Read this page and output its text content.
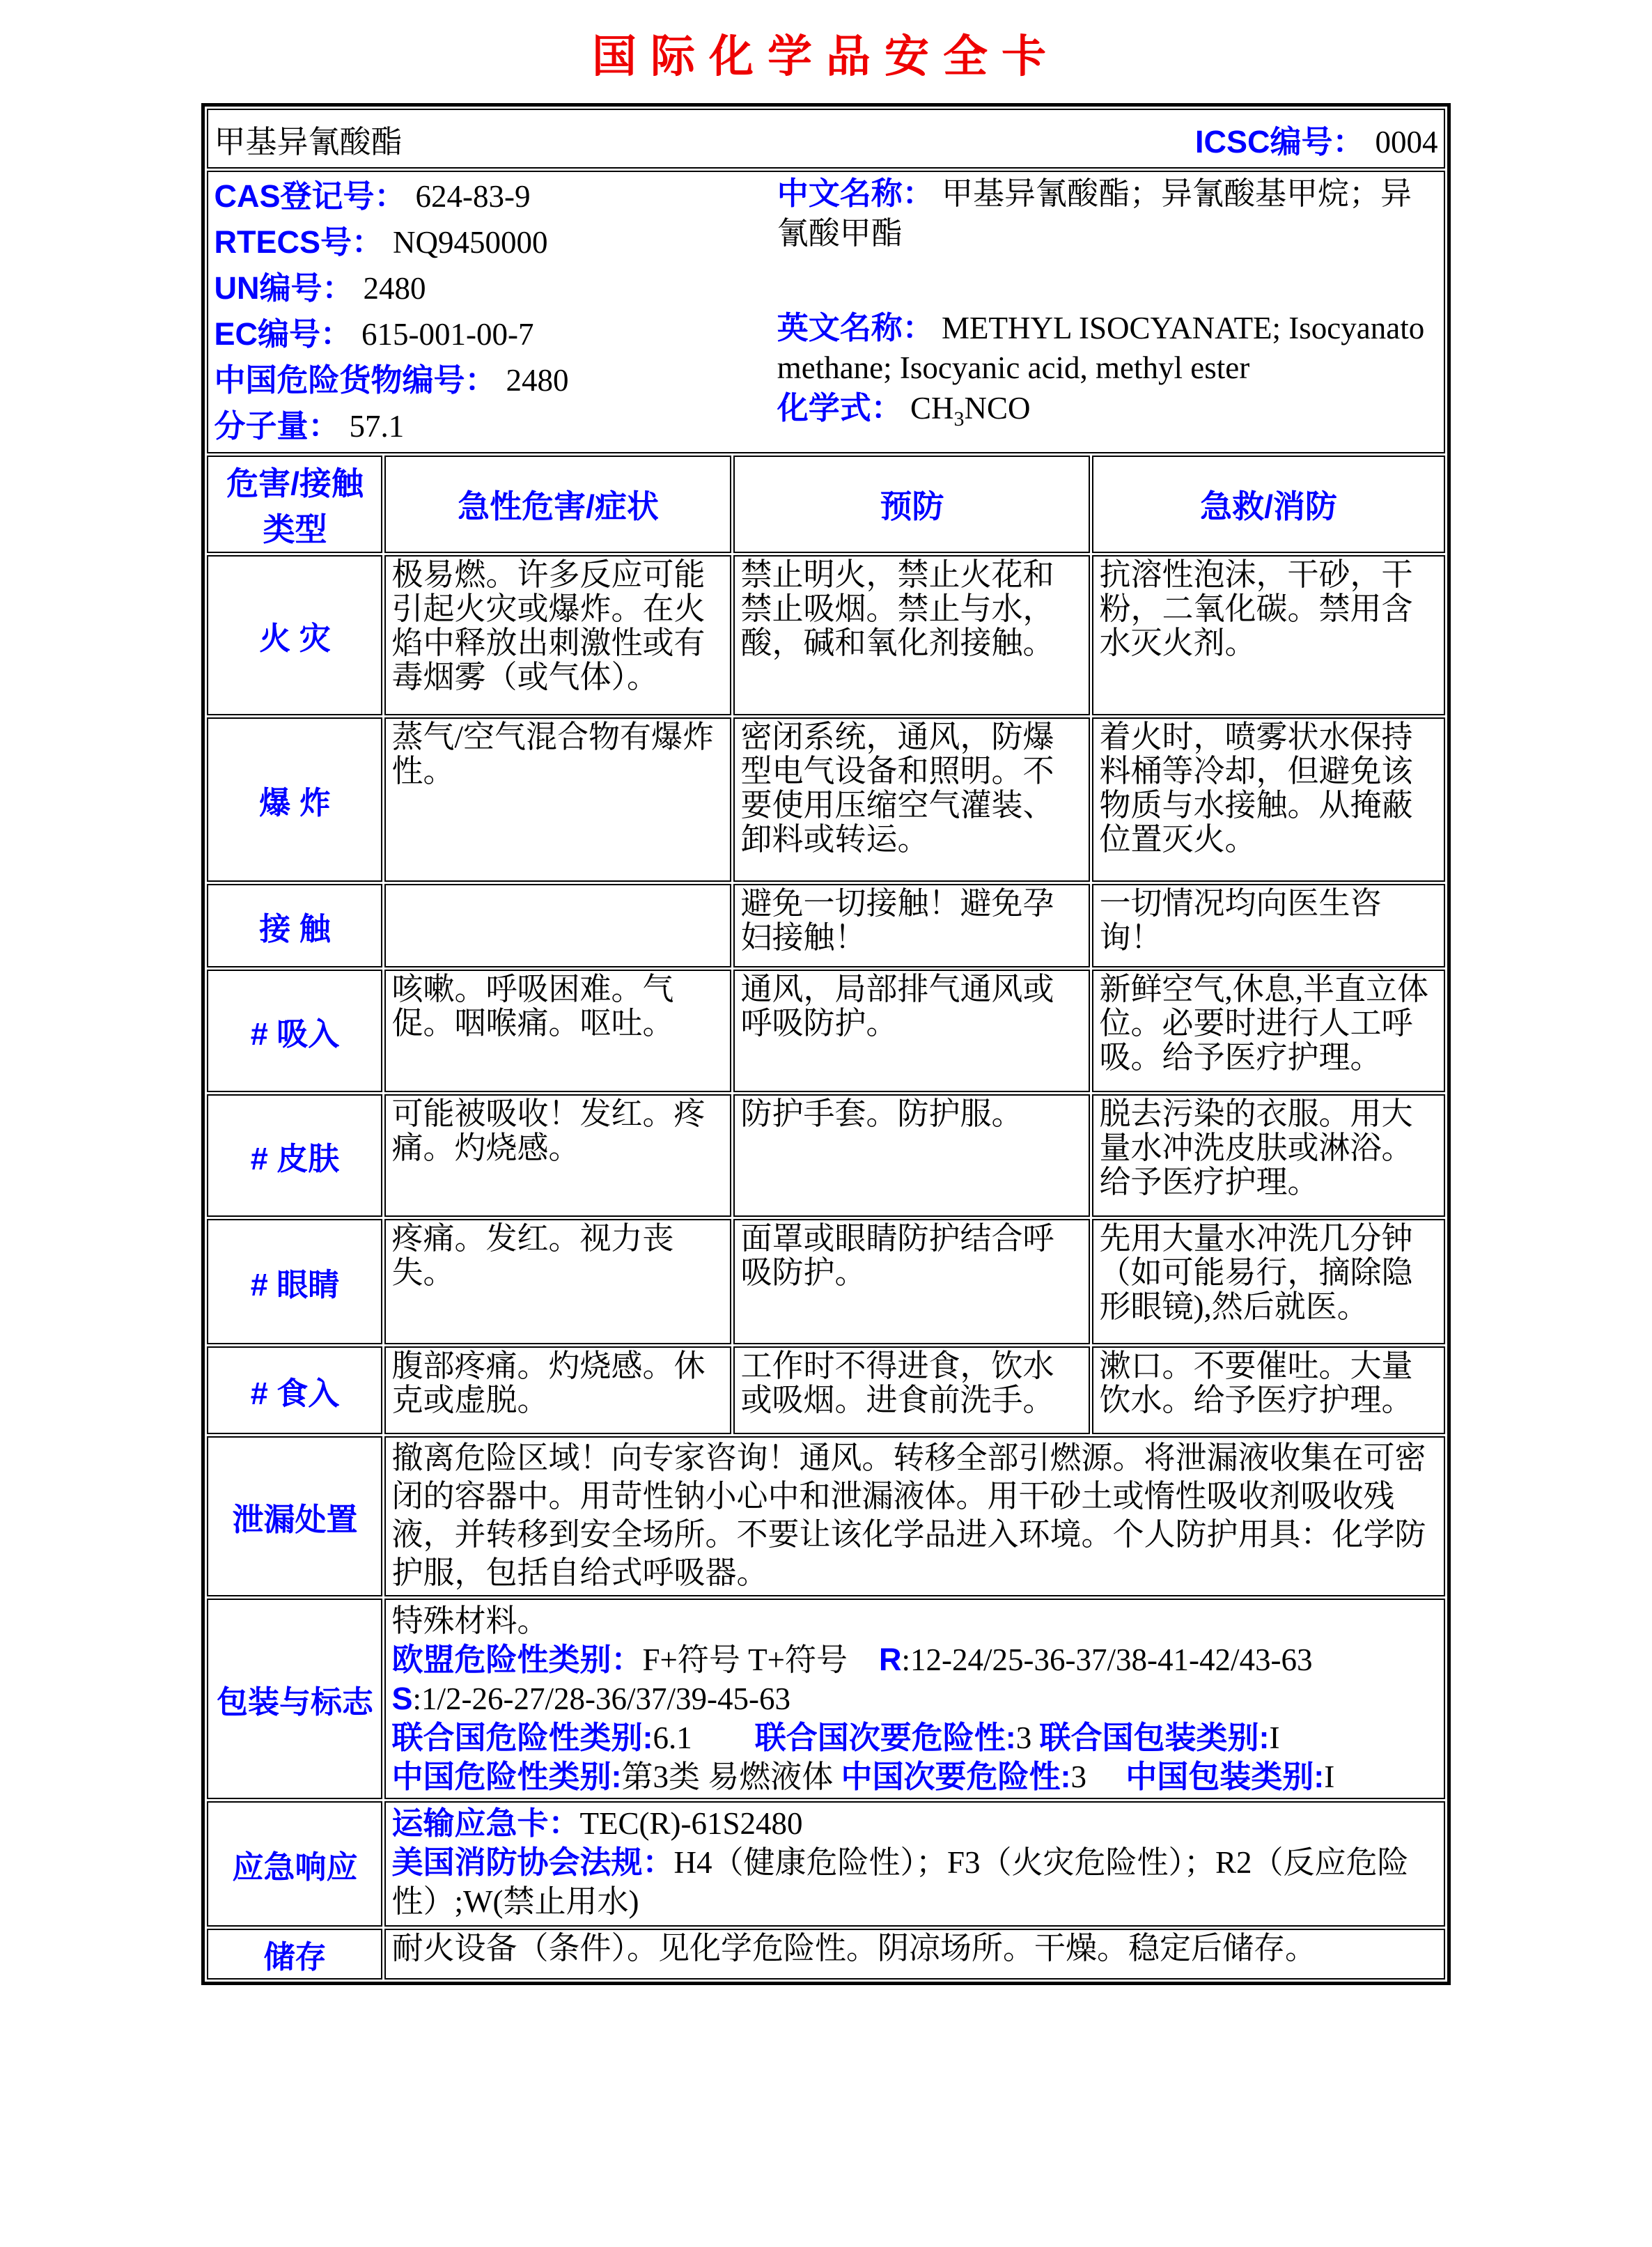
国际化学品安全卡
甲基异氰酸酯 ICSC编号： 0004			

CAS登记号： 624-83-9
RTECS号： NQ9450000
UN编号： 2480
EC编号： 615-001-00-7
中国危险货物编号： 2480
分子量： 57.1
中文名称： 甲基异氰酸酯；异氰酸基甲烷；异氰酸甲酯
英文名称： METHYL ISOCYANATE; Isocyanatomethane; Isocyanic acid, methyl ester
化学式： $CH_3NCO$

危害/接触
类型	急性危害/症状	预防	急救/消防
火 灾	极易燃。许多反应可能引起火灾或爆炸。在火焰中释放出刺激性或有毒烟雾（或气体）。	禁止明火，禁止火花和禁止吸烟。禁止与水，酸，碱和氧化剂接触。	抗溶性泡沫，干砂，干粉，二氧化碳。禁用含水灭火剂。
爆 炸	蒸气/空气混合物有爆炸性。	密闭系统，通风，防爆型电气设备和照明。不要使用压缩空气灌装、卸料或转运。	着火时，喷雾状水保持料桶等冷却，但避免该物质与水接触。从掩蔽位置灭火。
接 触		避免一切接触！避免孕妇接触！	一切情况均向医生咨询！
# 吸入	咳嗽。呼吸困难。气促。咽喉痛。呕吐。	通风，局部排气通风或呼吸防护。	新鲜空气,休息,半直立体位。必要时进行人工呼吸。给予医疗护理。
# 皮肤	可能被吸收！发红。疼痛。灼烧感。	防护手套。防护服。	脱去污染的衣服。用大量水冲洗皮肤或淋浴。给予医疗护理。
# 眼睛	疼痛。发红。视力丧失。	面罩或眼睛防护结合呼吸防护。	先用大量水冲洗几分钟（如可能易行，摘除隐形眼镜),然后就医。
# 食入	腹部疼痛。灼烧感。休克或虚脱。	工作时不得进食，饮水或吸烟。进食前洗手。	漱口。不要催吐。大量饮水。给予医疗护理。
泄漏处置	撤离危险区域！向专家咨询！通风。转移全部引燃源。将泄漏液收集在可密闭的容器中。用苛性钠小心中和泄漏液体。用干砂土或惰性吸收剂吸收残液，并转移到安全场所。不要让该化学品进入环境。个人防护用具：化学防护服，包括自给式呼吸器。		
包装与标志	特殊材料。
欧盟危险性类别：F+符号 T+符号　R:12-24/25-36-37/38-41-42/43-63
S:1/2-26-27/28-36/37/39-45-63
联合国危险性类别:6.1　　联合国次要危险性:3 联合国包装类别:I
中国危险性类别:第3类 易燃液体 中国次要危险性:3　 中国包装类别:I		

应急响应	运输应急卡：TEC(R)-61S2480
美国消防协会法规：H4（健康危险性）；F3（火灾危险性）；R2（反应危险性）;W(禁止用水)		

储存	耐火设备（条件）。见化学危险性。阴凉场所。干燥。稳定后储存。		
